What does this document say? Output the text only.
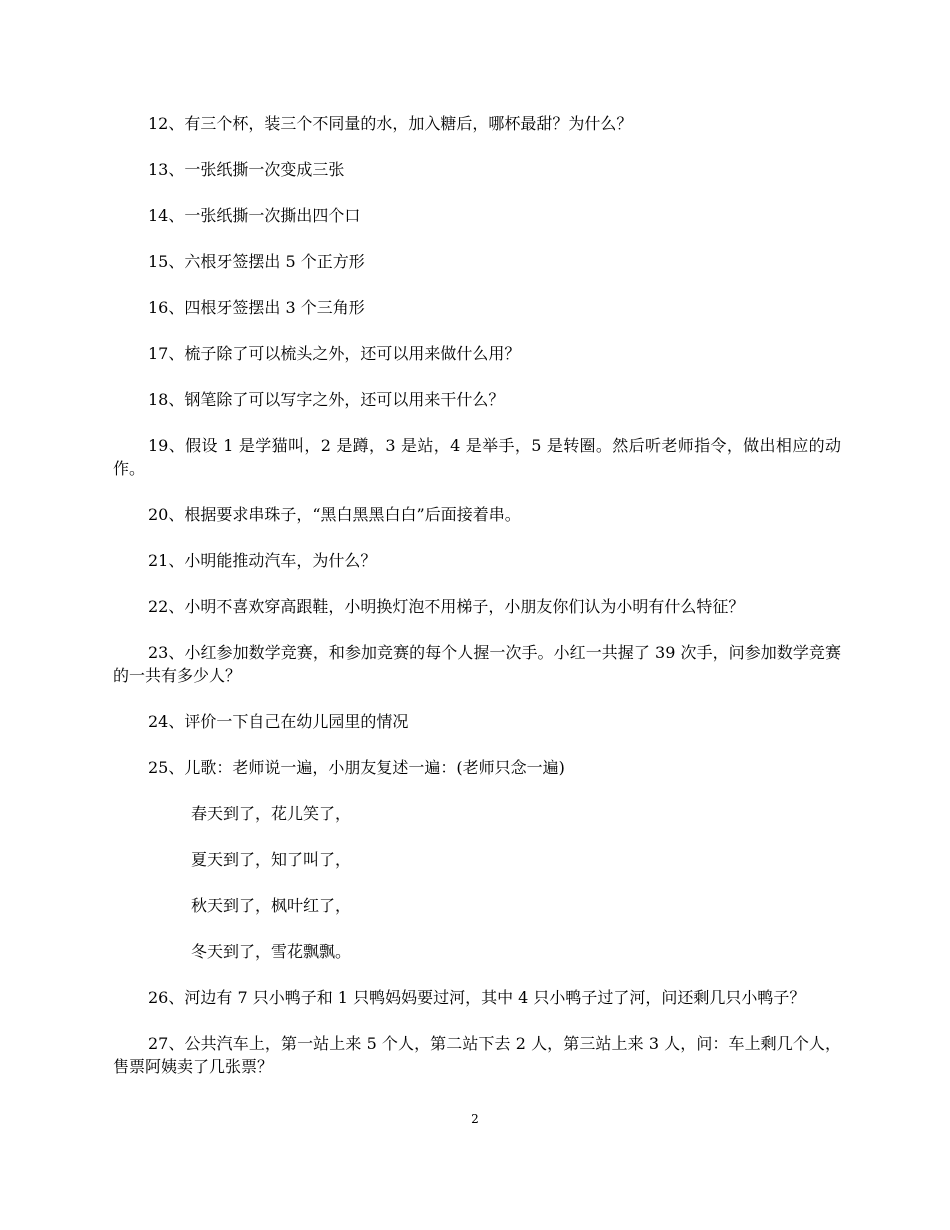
12、有三个杯，装三个不同量的水，加入糖后，哪杯最甜？为什么？

13、一张纸撕一次变成三张

14、一张纸撕一次撕出四个口

15、六根牙签摆出 5 个正方形

16、四根牙签摆出 3 个三角形

17、梳子除了可以梳头之外，还可以用来做什么用？

18、钢笔除了可以写字之外，还可以用来干什么？

19、假设 1 是学猫叫，2 是蹲，3 是站，4 是举手，5 是转圈。然后听老师指令，做出相应的动作。

20、根据要求串珠子，“黑白黑黑白白”后面接着串。

21、小明能推动汽车，为什么？

22、小明不喜欢穿高跟鞋，小明换灯泡不用梯子，小朋友你们认为小明有什么特征？

23、小红参加数学竞赛，和参加竞赛的每个人握一次手。小红一共握了 39 次手，问参加数学竞赛的一共有多少人？

24、评价一下自己在幼儿园里的情况

25、儿歌：老师说一遍，小朋友复述一遍：(老师只念一遍)

春天到了，花儿笑了，

夏天到了，知了叫了，

秋天到了，枫叶红了，

冬天到了，雪花飘飘。

26、河边有 7 只小鸭子和 1 只鸭妈妈要过河，其中 4 只小鸭子过了河，问还剩几只小鸭子？

27、公共汽车上，第一站上来 5 个人，第二站下去 2 人，第三站上来 3 人，问：车上剩几个人，售票阿姨卖了几张票？

2
